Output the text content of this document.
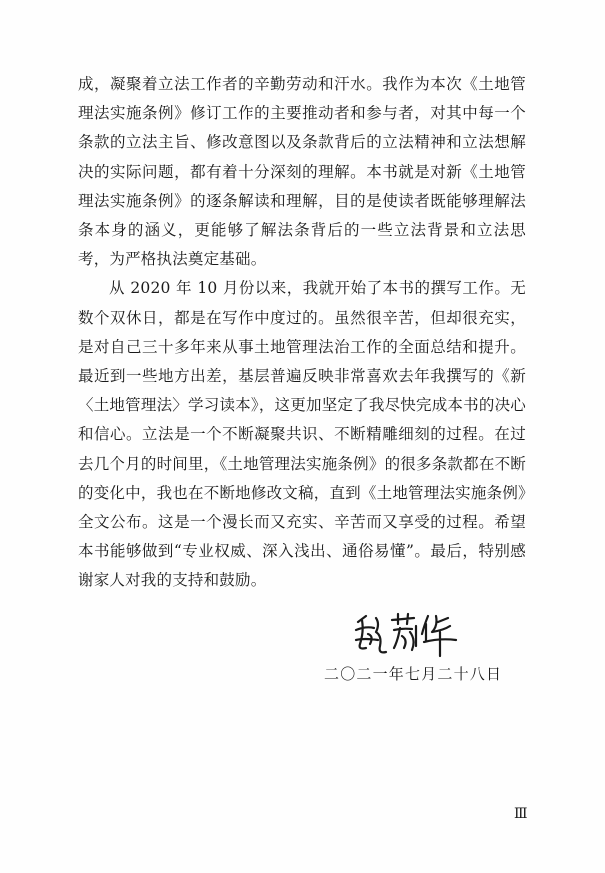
成，凝聚着立法工作者的辛勤劳动和汗水。我作为本次《土地管理法实施条例》修订工作的主要推动者和参与者，对其中每一个条款的立法主旨、修改意图以及条款背后的立法精神和立法想解决的实际问题，都有着十分深刻的理解。本书就是对新《土地管理法实施条例》的逐条解读和理解，目的是使读者既能够理解法条本身的涵义，更能够了解法条背后的一些立法背景和立法思考，为严格执法奠定基础。

从 2020 年 10 月份以来，我就开始了本书的撰写工作。无数个双休日，都是在写作中度过的。虽然很辛苦，但却很充实，是对自己三十多年来从事土地管理法治工作的全面总结和提升。最近到一些地方出差，基层普遍反映非常喜欢去年我撰写的《新〈土地管理法〉学习读本》，这更加坚定了我尽快完成本书的决心和信心。立法是一个不断凝聚共识、不断精雕细刻的过程。在过去几个月的时间里，《土地管理法实施条例》的很多条款都在不断的变化中，我也在不断地修改文稿，直到《土地管理法实施条例》全文公布。这是一个漫长而又充实、辛苦而又享受的过程。希望本书能够做到“专业权威、深入浅出、通俗易懂”。最后，特别感谢家人对我的支持和鼓励。

二〇二一年七月二十八日
Ⅲ
